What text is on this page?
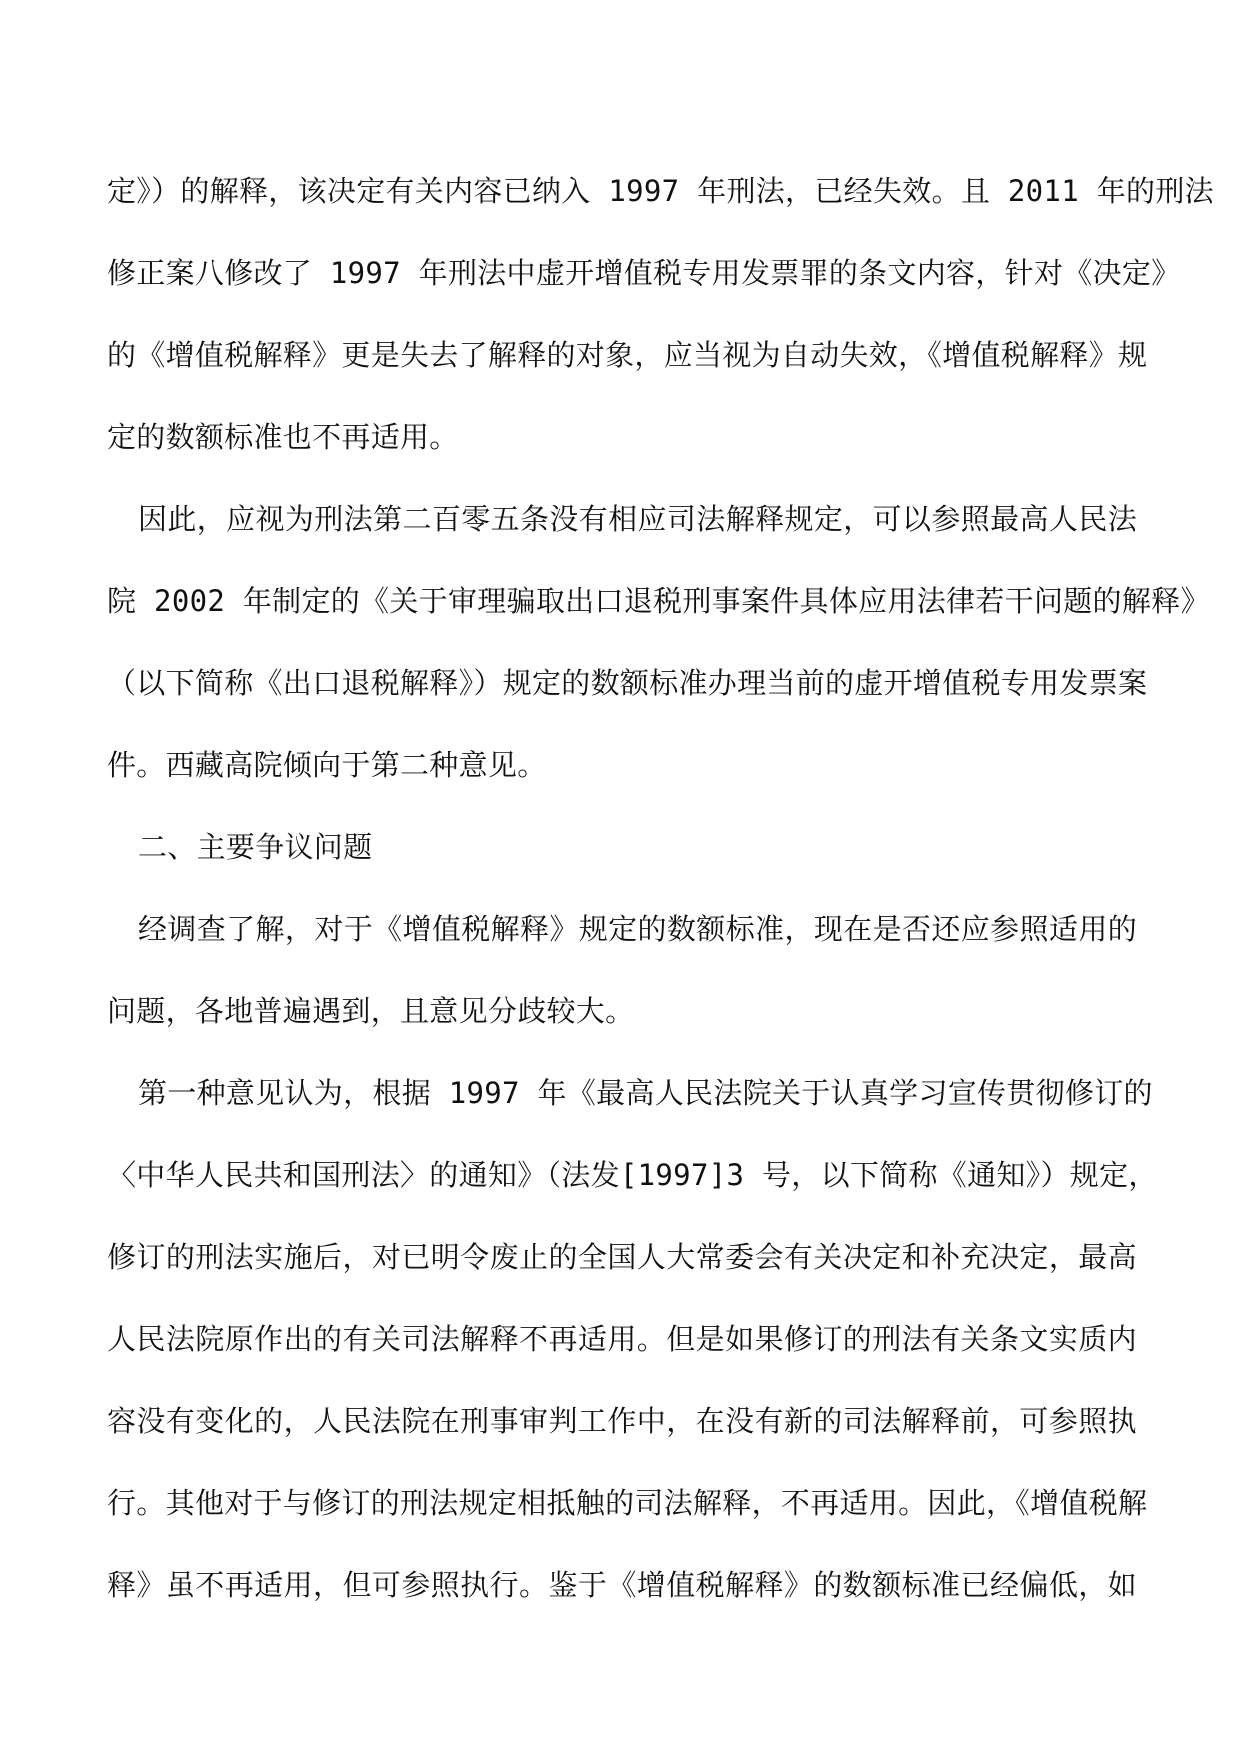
定》）的解释，该决定有关内容已纳入 1997 年刑法，已经失效。且 2011 年的刑法
修正案八修改了 1997 年刑法中虚开增值税专用发票罪的条文内容，针对《决定》
的《增值税解释》更是失去了解释的对象，应当视为自动失效，《增值税解释》规
定的数额标准也不再适用。
因此，应视为刑法第二百零五条没有相应司法解释规定，可以参照最高人民法
院 2002 年制定的《关于审理骗取出口退税刑事案件具体应用法律若干问题的解释》
（以下简称《出口退税解释》）规定的数额标准办理当前的虚开增值税专用发票案
件。西藏高院倾向于第二种意见。
二、主要争议问题
经调查了解，对于《增值税解释》规定的数额标准，现在是否还应参照适用的
问题，各地普遍遇到，且意见分歧较大。
第一种意见认为，根据 1997 年《最高人民法院关于认真学习宣传贯彻修订的
〈中华人民共和国刑法〉的通知》（法发[1997]3 号，以下简称《通知》）规定，
修订的刑法实施后，对已明令废止的全国人大常委会有关决定和补充决定，最高
人民法院原作出的有关司法解释不再适用。但是如果修订的刑法有关条文实质内
容没有变化的，人民法院在刑事审判工作中，在没有新的司法解释前，可参照执
行。其他对于与修订的刑法规定相抵触的司法解释，不再适用。因此，《增值税解
释》虽不再适用，但可参照执行。鉴于《增值税解释》的数额标准已经偏低，如
